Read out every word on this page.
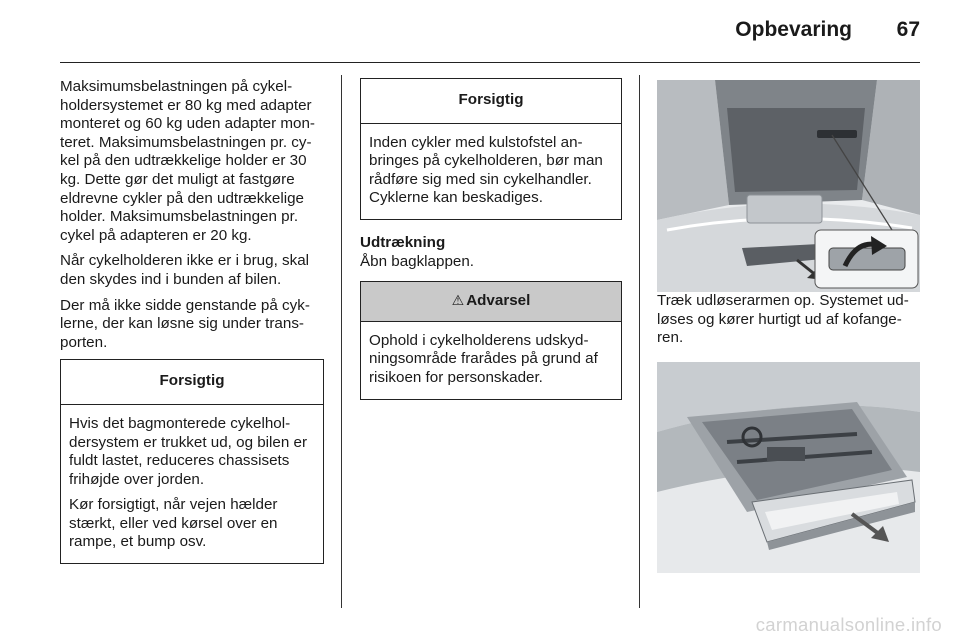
Opbevaring 67

Maksimumsbelastningen på cykelholdersystemet er 80 kg med adapter monteret og 60 kg uden adapter monteret. Maksimumsbelastningen pr. cykel på den udtrækkelige holder er 30 kg. Dette gør det muligt at fastgøre eldrevne cykler på den udtrækkelige holder. Maksimumsbelastningen pr. cykel på adapteren er 20 kg.

Når cykelholderen ikke er i brug, skal den skydes ind i bunden af bilen.

Der må ikke sidde genstande på cyklerne, der kan løsne sig under transporten.

Forsigtig

Hvis det bagmonterede cykelholdersystem er trukket ud, og bilen er fuldt lastet, reduceres chassisets frihøjde over jorden.

Kør forsigtigt, når vejen hælder stærkt, eller ved kørsel over en rampe, et bump osv.

Forsigtig

Inden cykler med kulstofstel anbringes på cykelholderen, bør man rådføre sig med sin cykelhandler. Cyklerne kan beskadiges.

Udtrækning

Åbn bagklappen.

⚠ Advarsel

Ophold i cykelholderens udskydningsområde frarådes på grund af risikoen for personskader.

Træk udløserarmen op. Systemet udløses og kører hurtigt ud af kofangeren.

carmanualsonline.info
